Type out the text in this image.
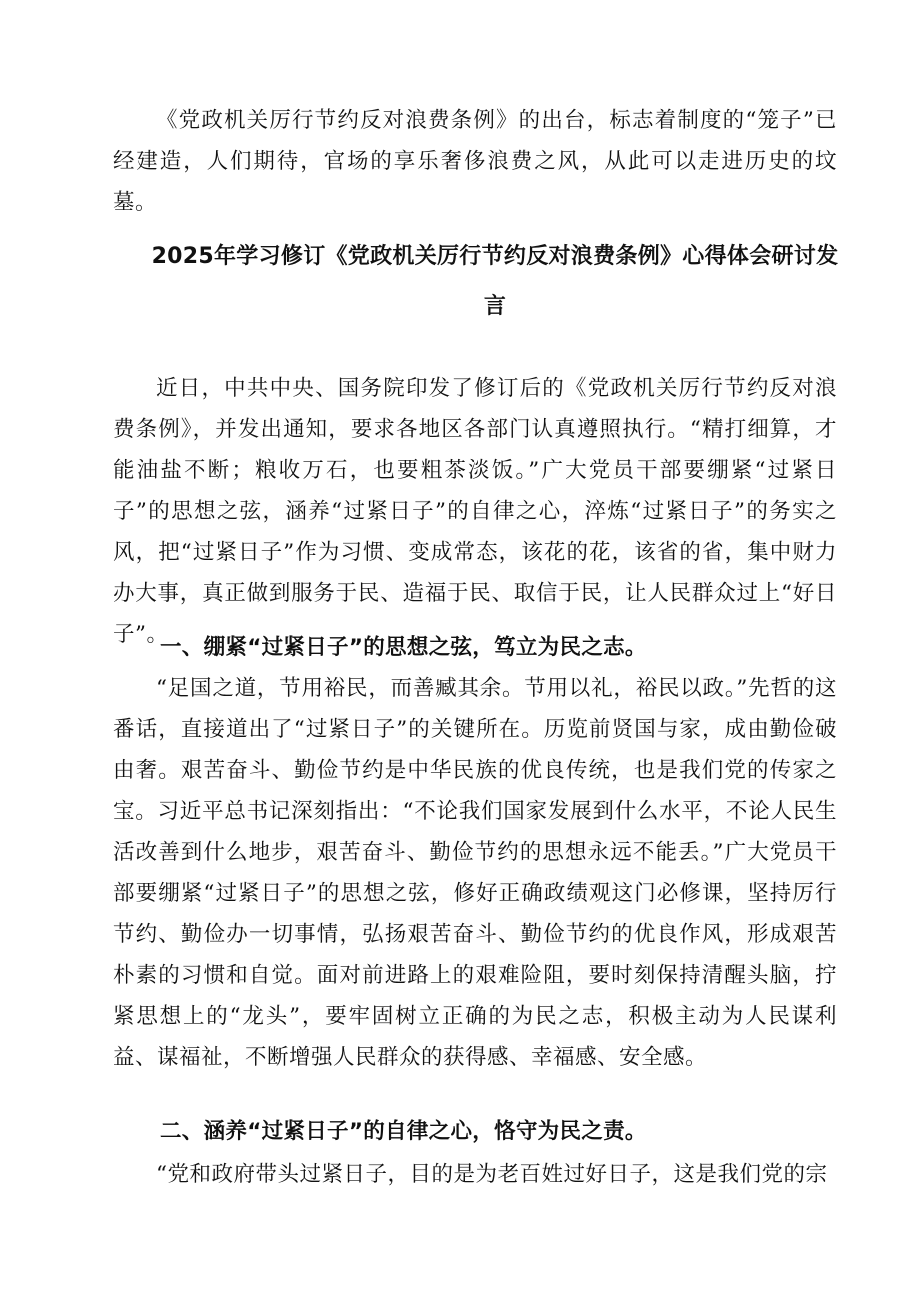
《党政机关厉行节约反对浪费条例》的出台，标志着制度的“笼子”已经建造，人们期待，官场的享乐奢侈浪费之风，从此可以走进历史的坟墓。

2025年学习修订《党政机关厉行节约反对浪费条例》心得体会研讨发言

近日，中共中央、国务院印发了修订后的《党政机关厉行节约反对浪费条例》，并发出通知，要求各地区各部门认真遵照执行。“精打细算，才能油盐不断；粮收万石，也要粗茶淡饭。”广大党员干部要绷紧“过紧日子”的思想之弦，涵养“过紧日子”的自律之心，淬炼“过紧日子”的务实之风，把“过紧日子”作为习惯、变成常态，该花的花，该省的省，集中财力办大事，真正做到服务于民、造福于民、取信于民，让人民群众过上“好日子”。

一、绷紧“过紧日子”的思想之弦，笃立为民之志。

“足国之道，节用裕民，而善臧其余。节用以礼，裕民以政。”先哲的这番话，直接道出了“过紧日子”的关键所在。历览前贤国与家，成由勤俭破由奢。艰苦奋斗、勤俭节约是中华民族的优良传统，也是我们党的传家之宝。习近平总书记深刻指出：“不论我们国家发展到什么水平，不论人民生活改善到什么地步，艰苦奋斗、勤俭节约的思想永远不能丢。”广大党员干部要绷紧“过紧日子”的思想之弦，修好正确政绩观这门必修课，坚持厉行节约、勤俭办一切事情，弘扬艰苦奋斗、勤俭节约的优良作风，形成艰苦朴素的习惯和自觉。面对前进路上的艰难险阻，要时刻保持清醒头脑，拧紧思想上的“龙头”，要牢固树立正确的为民之志，积极主动为人民谋利益、谋福祉，不断增强人民群众的获得感、幸福感、安全感。

二、涵养“过紧日子”的自律之心，恪守为民之责。

“党和政府带头过紧日子，目的是为老百姓过好日子，这是我们党的宗
